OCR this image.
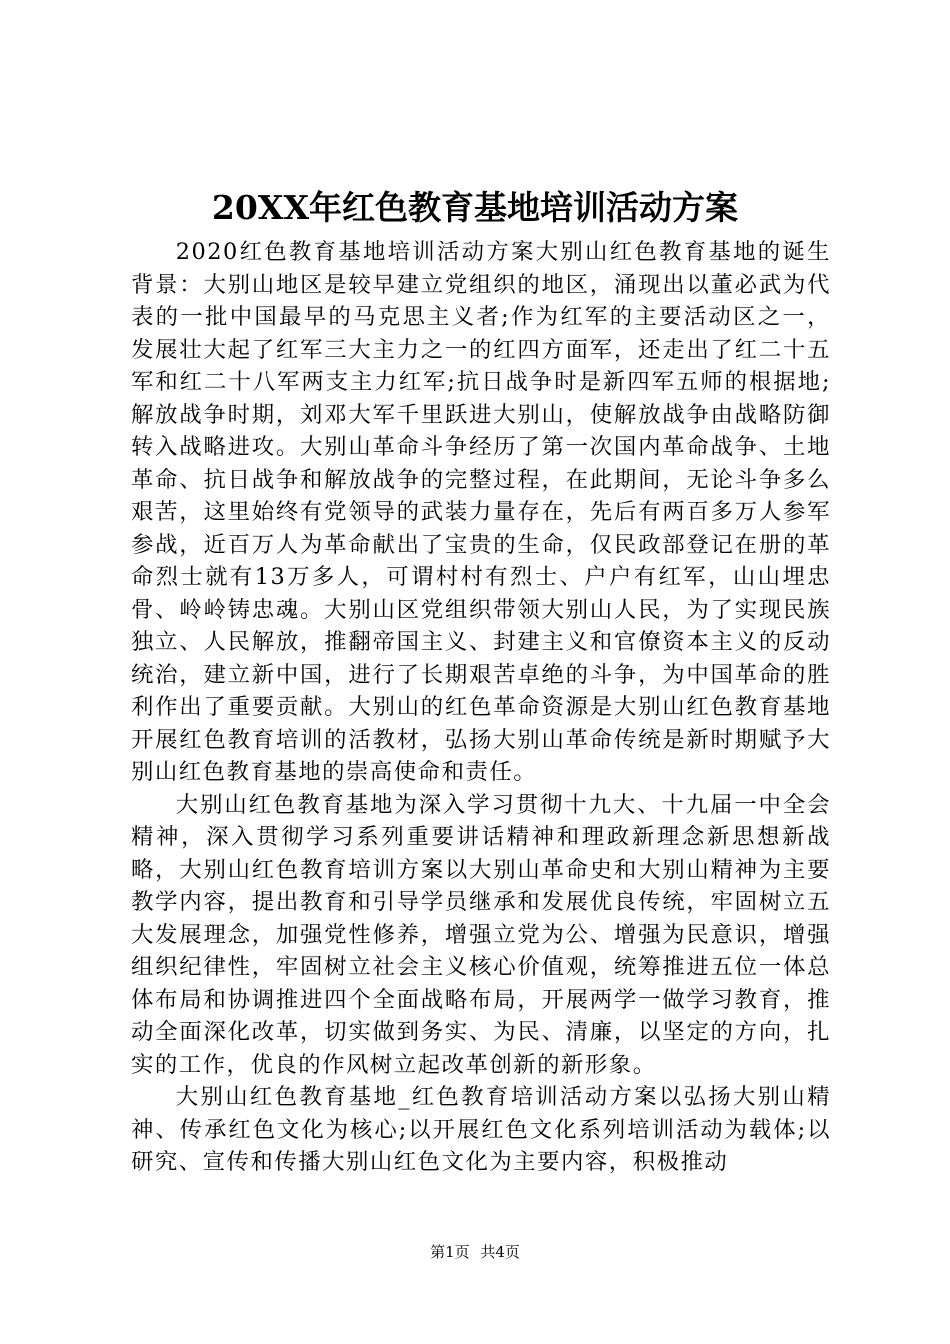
20XX年红色教育基地培训活动方案

2020红色教育基地培训活动方案大别山红色教育基地的诞生背景：大别山地区是较早建立党组织的地区，涌现出以董必武为代表的一批中国最早的马克思主义者;作为红军的主要活动区之一，发展壮大起了红军三大主力之一的红四方面军，还走出了红二十五军和红二十八军两支主力红军;抗日战争时是新四军五师的根据地;解放战争时期，刘邓大军千里跃进大别山，使解放战争由战略防御转入战略进攻。大别山革命斗争经历了第一次国内革命战争、土地革命、抗日战争和解放战争的完整过程，在此期间，无论斗争多么艰苦，这里始终有党领导的武装力量存在，先后有两百多万人参军参战，近百万人为革命献出了宝贵的生命，仅民政部登记在册的革命烈士就有13万多人，可谓村村有烈士、户户有红军，山山埋忠骨、岭岭铸忠魂。大别山区党组织带领大别山人民，为了实现民族独立、人民解放，推翻帝国主义、封建主义和官僚资本主义的反动统治，建立新中国，进行了长期艰苦卓绝的斗争，为中国革命的胜利作出了重要贡献。大别山的红色革命资源是大别山红色教育基地开展红色教育培训的活教材，弘扬大别山革命传统是新时期赋予大别山红色教育基地的崇高使命和责任。

大别山红色教育基地为深入学习贯彻十九大、十九届一中全会精神，深入贯彻学习系列重要讲话精神和理政新理念新思想新战略，大别山红色教育培训方案以大别山革命史和大别山精神为主要教学内容，提出教育和引导学员继承和发展优良传统，牢固树立五大发展理念，加强党性修养，增强立党为公、增强为民意识，增强组织纪律性，牢固树立社会主义核心价值观，统筹推进五位一体总体布局和协调推进四个全面战略布局，开展两学一做学习教育，推动全面深化改革，切实做到务实、为民、清廉，以坚定的方向，扎实的工作，优良的作风树立起改革创新的新形象。

大别山红色教育基地_红色教育培训活动方案以弘扬大别山精神、传承红色文化为核心;以开展红色文化系列培训活动为载体;以研究、宣传和传播大别山红色文化为主要内容，积极推动

第1页 共4页
